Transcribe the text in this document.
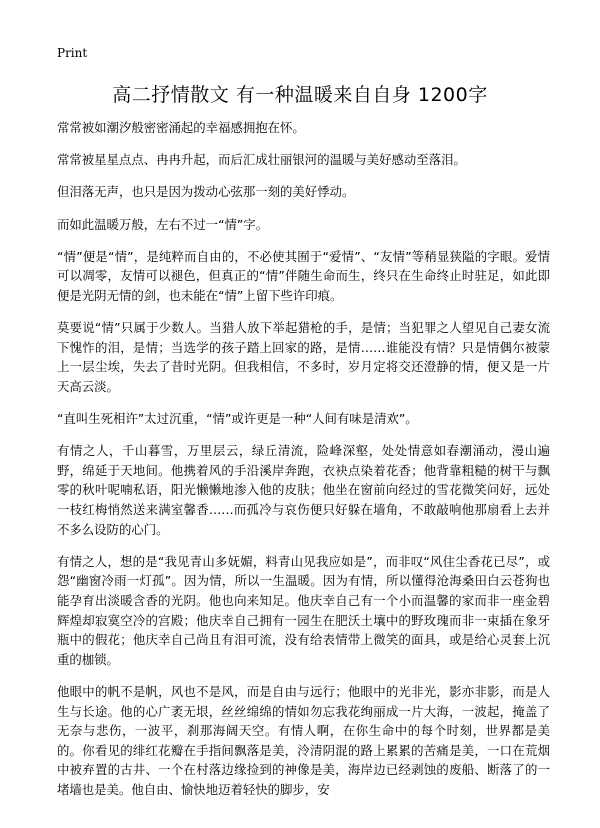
Print
高二抒情散文 有一种温暖来自自身 1200字

常常被如潮汐般密密涌起的幸福感拥抱在怀。

常常被星星点点、冉冉升起，而后汇成壮丽银河的温暖与美好感动至落泪。

但泪落无声，也只是因为拨动心弦那一刻的美好悸动。

而如此温暖万般，左右不过一“情”字。

“情”便是“情”，是纯粹而自由的，不必使其囿于“爱情”、“友情”等稍显狭隘的字眼。爱情可以凋零，友情可以褪色，但真正的“情”伴随生命而生，终只在生命终止时驻足，如此即便是光阴无情的剑，也未能在“情”上留下些许印痕。

莫要说“情”只属于少数人。当猎人放下举起猎枪的手，是情；当犯罪之人望见自己妻女流下愧怍的泪，是情；当选学的孩子踏上回家的路，是情……谁能没有情？只是情偶尔被蒙上一层尘埃，失去了昔时光阴。但我相信，不多时，岁月定将交还澄静的情，便又是一片天高云淡。

“直叫生死相许”太过沉重，“情”或许更是一种“人间有味是清欢”。

有情之人，千山暮雪，万里层云，绿丘清流，险峰深壑，处处情意如春潮涌动，漫山遍野，绵延于天地间。他携着风的手沿溪岸奔跑，衣袂点染着花香；他背靠粗糙的树干与飘零的秋叶呢喃私语，阳光懒懒地渗入他的皮肤；他坐在窗前向经过的雪花微笑问好，远处一枝红梅悄然送来满室馨香……而孤冷与哀伤便只好躲在墙角，不敢敲响他那扇看上去并不多么设防的心门。

有情之人，想的是“我见青山多妩媚，料青山见我应如是”，而非叹“风住尘香花已尽”，或怨“幽窗冷雨一灯孤”。因为情，所以一生温暖。因为有情，所以懂得沧海桑田白云苍狗也能孕育出淡暖含香的光阴。他也向来知足。他庆幸自己有一个小而温馨的家而非一座金碧辉煌却寂寞空冷的宫殿；他庆幸自己拥有一园生在肥沃土壤中的野玫瑰而非一束插在象牙瓶中的假花；他庆幸自己尚且有泪可流，没有给表情带上微笑的面具，或是给心灵套上沉重的枷锁。

他眼中的帆不是帆，风也不是风，而是自由与远行；他眼中的光非光，影亦非影，而是人生与长途。他的心广袤无垠，丝丝绵绵的情如勿忘我花绚丽成一片大海，一波起，掩盖了无奈与悲伤，一波平，刹那海阔天空。有情人啊，在你生命中的每个时刻，世界都是美的。你看见的绯红花瓣在手指间飘落是美，泠清阴混的路上累累的苦痛是美，一口在荒烟中被弃置的古井、一个在村落边缘捡到的神像是美，海岸边已经剥蚀的废船、断落了的一堵墙也是美。他自由、愉快地迈着轻快的脚步，安
